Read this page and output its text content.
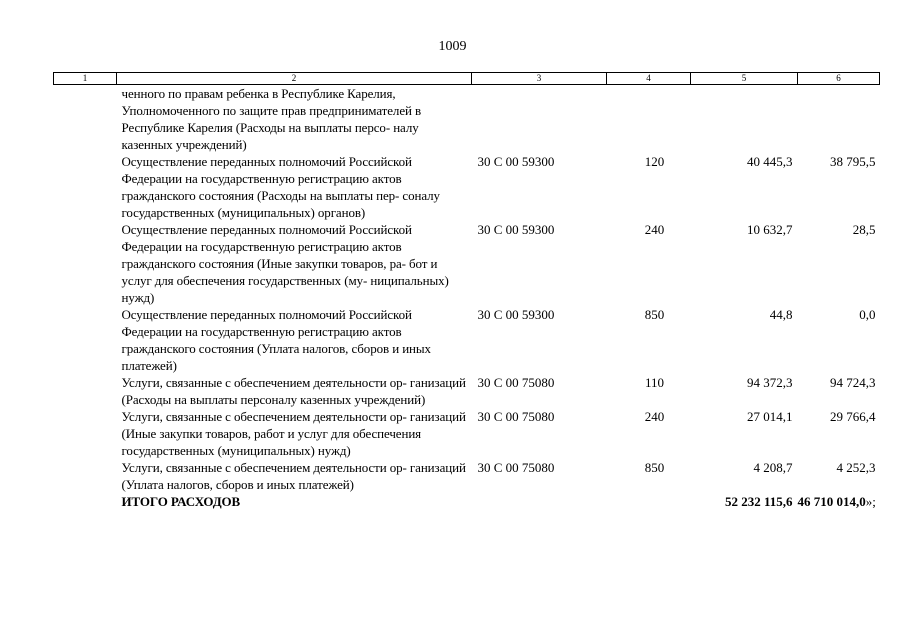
1009
1	2	3	4	5	6
	ченного по правам ребенка в Республике Карелия, Уполномоченного по защите прав предпринимателей в Республике Карелия (Расходы на выплаты персо- налу казенных учреждений)				
	Осуществление переданных полномочий Российской Федерации на государственную регистрацию актов гражданского состояния (Расходы на выплаты пер- соналу государственных (муниципальных) органов)	30 С 00 59300	120	40 445,3	38 795,5
	Осуществление переданных полномочий Российской Федерации на государственную регистрацию актов гражданского состояния (Иные закупки товаров, ра- бот и услуг для обеспечения государственных (му- ниципальных) нужд)	30 С 00 59300	240	10 632,7	28,5
	Осуществление переданных полномочий Российской Федерации на государственную регистрацию актов гражданского состояния (Уплата налогов, сборов и иных платежей)	30 С 00 59300	850	44,8	0,0
	Услуги, связанные с обеспечением деятельности ор- ганизаций (Расходы на выплаты персоналу казенных учреждений)	30 С 00 75080	110	94 372,3	94 724,3
	Услуги, связанные с обеспечением деятельности ор- ганизаций (Иные закупки товаров, работ и услуг для обеспечения государственных (муниципальных) нужд)	30 С 00 75080	240	27 014,1	29 766,4
	Услуги, связанные с обеспечением деятельности ор- ганизаций (Уплата налогов, сборов и иных платежей)	30 С 00 75080	850	4 208,7	4 252,3
	ИТОГО РАСХОДОВ			52 232 115,6	46 710 014,0»;
